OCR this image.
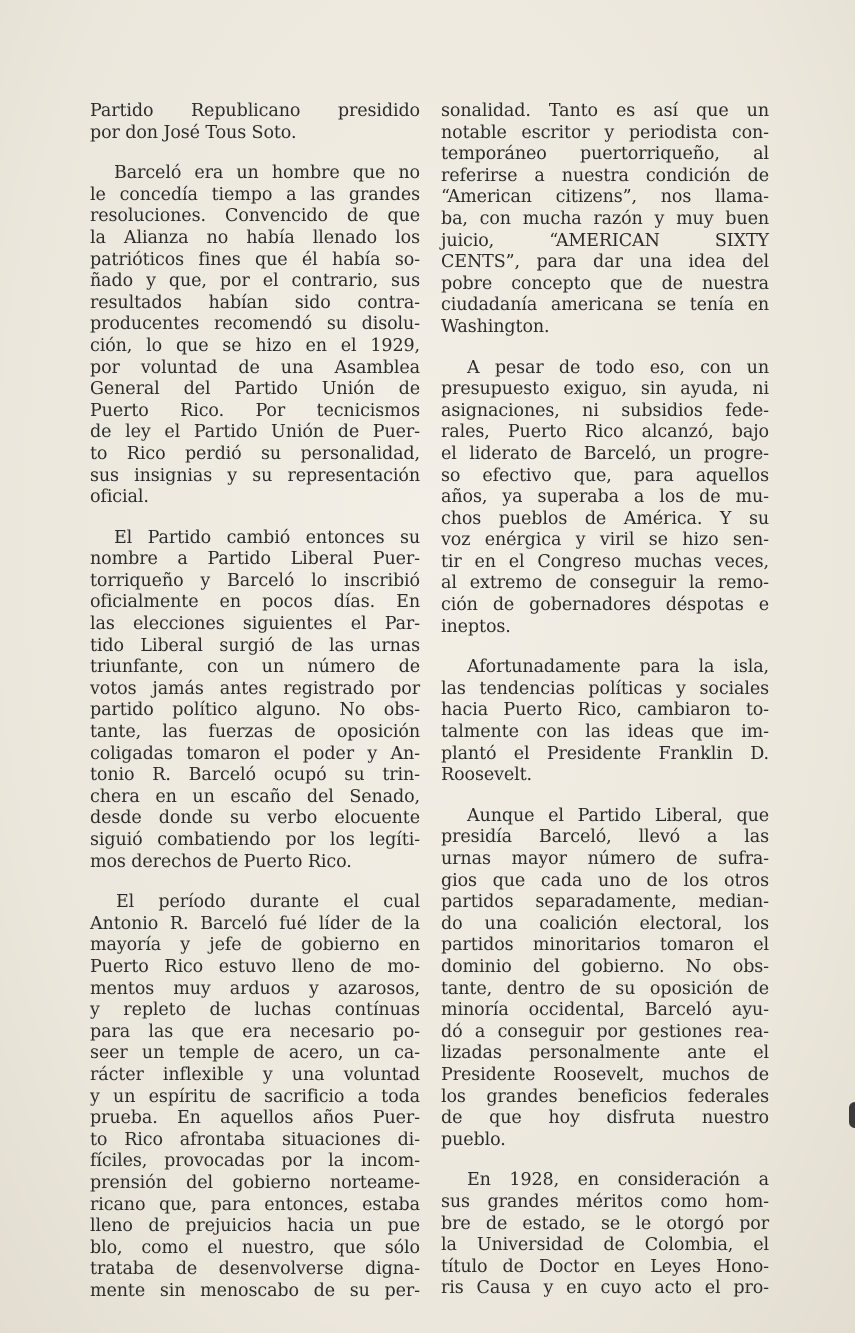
Partido Republicano presidido
por don José Tous Soto.

Barceló era un hombre que no
le concedía tiempo a las grandes
resoluciones. Convencido de que
la Alianza no había llenado los
patrióticos fines que él había so-
ñado y que, por el contrario, sus
resultados habían sido contra-
producentes recomendó su disolu-
ción, lo que se hizo en el 1929,
por voluntad de una Asamblea
General del Partido Unión de
Puerto Rico. Por tecnicismos
de ley el Partido Unión de Puer-
to Rico perdió su personalidad,
sus insignias y su representación
oficial.

El Partido cambió entonces su
nombre a Partido Liberal Puer-
torriqueño y Barceló lo inscribió
oficialmente en pocos días. En
las elecciones siguientes el Par-
tido Liberal surgió de las urnas
triunfante, con un número de
votos jamás antes registrado por
partido político alguno. No obs-
tante, las fuerzas de oposición
coligadas tomaron el poder y An-
tonio R. Barceló ocupó su trin-
chera en un escaño del Senado,
desde donde su verbo elocuente
siguió combatiendo por los legíti-
mos derechos de Puerto Rico.

El período durante el cual
Antonio R. Barceló fué líder de la
mayoría y jefe de gobierno en
Puerto Rico estuvo lleno de mo-
mentos muy arduos y azarosos,
y repleto de luchas contínuas
para las que era necesario po-
seer un temple de acero, un ca-
rácter inflexible y una voluntad
y un espíritu de sacrificio a toda
prueba. En aquellos años Puer-
to Rico afrontaba situaciones di-
fíciles, provocadas por la incom-
prensión del gobierno norteame-
ricano que, para entonces, estaba
lleno de prejuicios hacia un pue
blo, como el nuestro, que sólo
trataba de desenvolverse digna-
mente sin menoscabo de su per-

sonalidad. Tanto es así que un
notable escritor y periodista con-
temporáneo puertorriqueño, al
referirse a nuestra condición de
“American citizens”, nos llama-
ba, con mucha razón y muy buen
juicio, “AMERICAN SIXTY
CENTS”, para dar una idea del
pobre concepto que de nuestra
ciudadanía americana se tenía en
Washington.

A pesar de todo eso, con un
presupuesto exiguo, sin ayuda, ni
asignaciones, ni subsidios fede-
rales, Puerto Rico alcanzó, bajo
el liderato de Barceló, un progre-
so efectivo que, para aquellos
años, ya superaba a los de mu-
chos pueblos de América. Y su
voz enérgica y viril se hizo sen-
tir en el Congreso muchas veces,
al extremo de conseguir la remo-
ción de gobernadores déspotas e
ineptos.

Afortunadamente para la isla,
las tendencias políticas y sociales
hacia Puerto Rico, cambiaron to-
talmente con las ideas que im-
plantó el Presidente Franklin D.
Roosevelt.

Aunque el Partido Liberal, que
presidía Barceló, llevó a las
urnas mayor número de sufra-
gios que cada uno de los otros
partidos separadamente, median-
do una coalición electoral, los
partidos minoritarios tomaron el
dominio del gobierno. No obs-
tante, dentro de su oposición de
minoría occidental, Barceló ayu-
dó a conseguir por gestiones rea-
lizadas personalmente ante el
Presidente Roosevelt, muchos de
los grandes beneficios federales
de que hoy disfruta nuestro
pueblo.

En 1928, en consideración a
sus grandes méritos como hom-
bre de estado, se le otorgó por
la Universidad de Colombia, el
título de Doctor en Leyes Hono-
ris Causa y en cuyo acto el pro-
